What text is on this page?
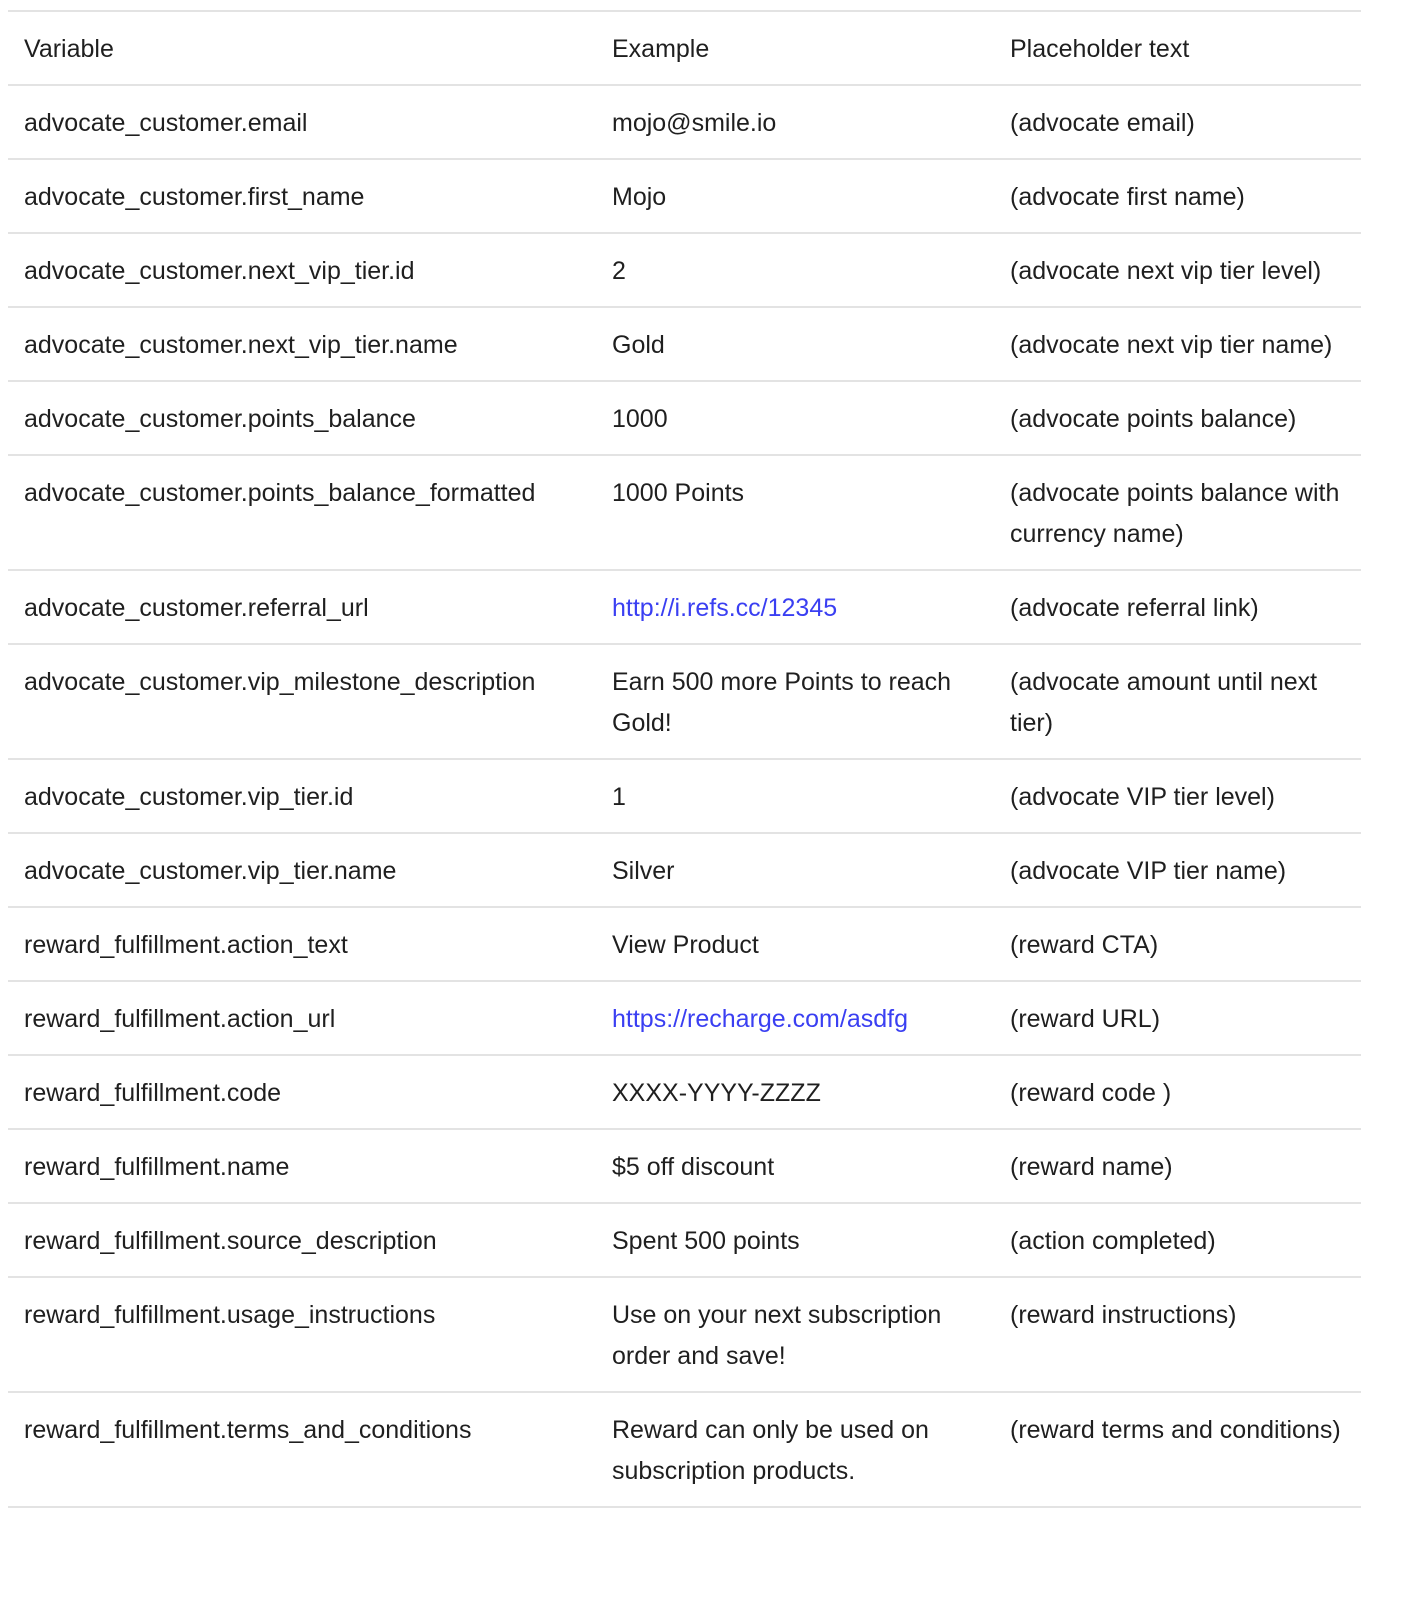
Variable	Example	Placeholder text
advocate_customer.email	mojo@smile.io	(advocate email)
advocate_customer.first_name	Mojo	(advocate first name)
advocate_customer.next_vip_tier.id	2	(advocate next vip tier level)
advocate_customer.next_vip_tier.name	Gold	(advocate next vip tier name)
advocate_customer.points_balance	1000	(advocate points balance)
advocate_customer.points_balance_formatted	1000 Points	(advocate points balance with currency name)
advocate_customer.referral_url	http://i.refs.cc/12345	(advocate referral link)
advocate_customer.vip_milestone_description	Earn 500 more Points to reach Gold!	(advocate amount until next tier)
advocate_customer.vip_tier.id	1	(advocate VIP tier level)
advocate_customer.vip_tier.name	Silver	(advocate VIP tier name)
reward_fulfillment.action_text	View Product	(reward CTA)
reward_fulfillment.action_url	https://recharge.com/asdfg	(reward URL)
reward_fulfillment.code	XXXX-YYYY-ZZZZ	(reward code )
reward_fulfillment.name	$5 off discount	(reward name)
reward_fulfillment.source_description	Spent 500 points	(action completed)
reward_fulfillment.usage_instructions	Use on your next subscription order and save!	(reward instructions)
reward_fulfillment.terms_and_conditions	Reward can only be used on subscription products.	(reward terms and conditions)
